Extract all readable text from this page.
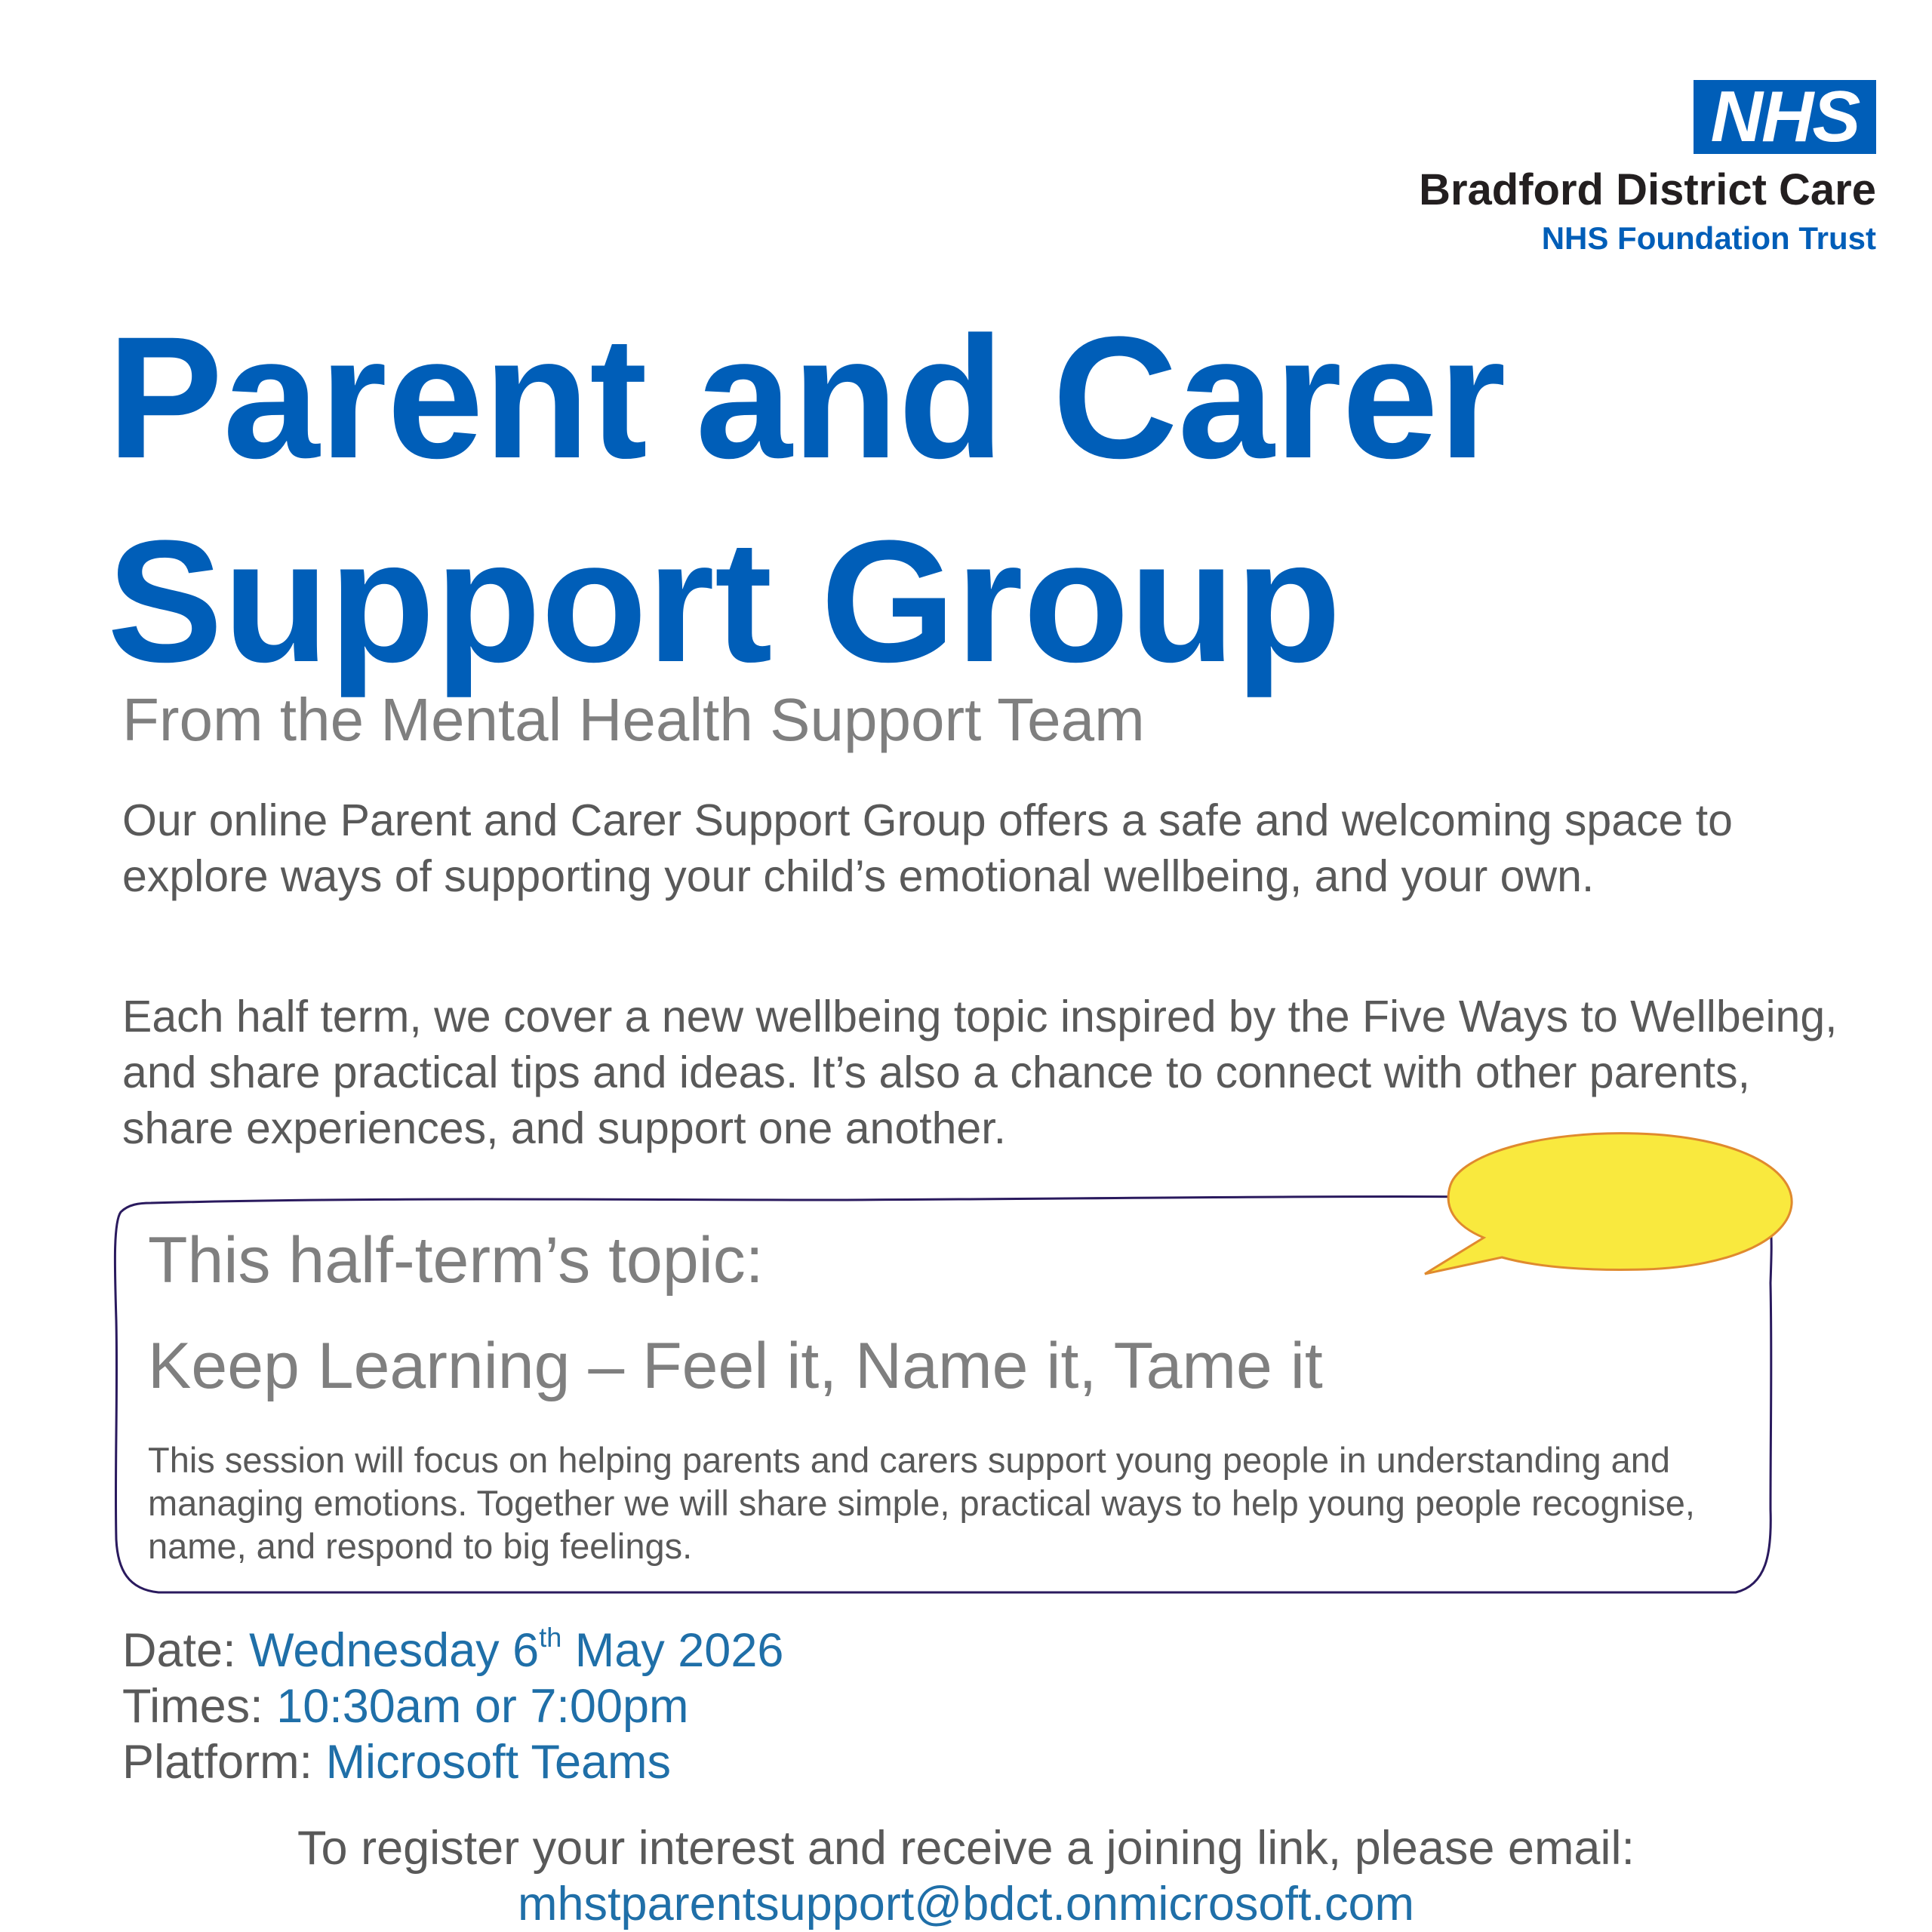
NHS
Bradford District Care
NHS Foundation Trust
Parent and Carer
Support Group
From the Mental Health Support Team

Our online Parent and Carer Support Group offers a safe and welcoming space to explore ways of supporting your child’s emotional wellbeing, and your own.

Each half term, we cover a new wellbeing topic inspired by the Five Ways to Wellbeing, and share practical tips and ideas. It’s also a chance to connect with other parents, share experiences, and support one another.

This half-term’s topic:
Keep Learning – Feel it, Name it, Tame it

This session will focus on helping parents and carers support young people in understanding and managing emotions. Together we will share simple, practical ways to help young people recognise, name, and respond to big feelings.

Date: Wednesday 6th May 2026
Times: 10:30am or 7:00pm
Platform: Microsoft Teams
To register your interest and receive a joining link, please email:
mhstparentsupport@bdct.onmicrosoft.com
